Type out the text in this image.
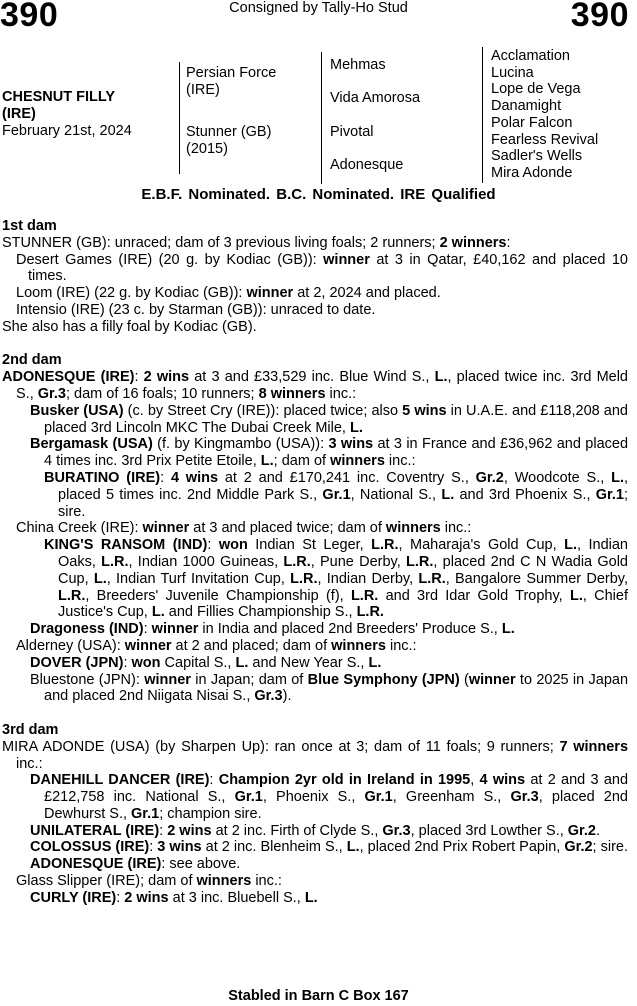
390	Consigned by Tally-Ho Stud	390
CHESNUT FILLY
(IRE)
February 21st, 2024
Persian Force
(IRE)
Stunner (GB)
(2015)
Mehmas
Vida Amorosa
Pivotal
Adonesque
Acclamation
Lucina
Lope de Vega
Danamight
Polar Falcon
Fearless Revival
Sadler's Wells
Mira Adonde
E.B.F. Nominated. B.C. Nominated. IRE Qualified
1st dam

STUNNER (GB): unraced; dam of 3 previous living foals; 2 runners; 2 winners:

Desert Games (IRE) (20 g. by Kodiac (GB)): winner at 3 in Qatar, £40,162 and placed 10 times.

Loom (IRE) (22 g. by Kodiac (GB)): winner at 2, 2024 and placed.

Intensio (IRE) (23 c. by Starman (GB)): unraced to date.

She also has a filly foal by Kodiac (GB).

2nd dam

ADONESQUE (IRE): 2 wins at 3 and £33,529 inc. Blue Wind S., L., placed twice inc. 3rd Meld S., Gr.3; dam of 16 foals; 10 runners; 8 winners inc.:

Busker (USA) (c. by Street Cry (IRE)): placed twice; also 5 wins in U.A.E. and £118,208 and placed 3rd Lincoln MKC The Dubai Creek Mile, L.

Bergamask (USA) (f. by Kingmambo (USA)): 3 wins at 3 in France and £36,962 and placed 4 times inc. 3rd Prix Petite Etoile, L.; dam of winners inc.:

BURATINO (IRE): 4 wins at 2 and £170,241 inc. Coventry S., Gr.2, Woodcote S., L., placed 5 times inc. 2nd Middle Park S., Gr.1, National S., L. and 3rd Phoenix S., Gr.1; sire.

China Creek (IRE): winner at 3 and placed twice; dam of winners inc.:

KING'S RANSOM (IND): won Indian St Leger, L.R., Maharaja's Gold Cup, L., Indian Oaks, L.R., Indian 1000 Guineas, L.R., Pune Derby, L.R., placed 2nd C N Wadia Gold Cup, L., Indian Turf Invitation Cup, L.R., Indian Derby, L.R., Bangalore Summer Derby, L.R., Breeders' Juvenile Championship (f), L.R. and 3rd Idar Gold Trophy, L., Chief Justice's Cup, L. and Fillies Championship S., L.R.

Dragoness (IND): winner in India and placed 2nd Breeders' Produce S., L.

Alderney (USA): winner at 2 and placed; dam of winners inc.:

DOVER (JPN): won Capital S., L. and New Year S., L.

Bluestone (JPN): winner in Japan; dam of Blue Symphony (JPN) (winner to 2025 in Japan and placed 2nd Niigata Nisai S., Gr.3).

3rd dam

MIRA ADONDE (USA) (by Sharpen Up): ran once at 3; dam of 11 foals; 9 runners; 7 winners inc.:

DANEHILL DANCER (IRE): Champion 2yr old in Ireland in 1995, 4 wins at 2 and 3 and £212,758 inc. National S., Gr.1, Phoenix S., Gr.1, Greenham S., Gr.3, placed 2nd Dewhurst S., Gr.1; champion sire.

UNILATERAL (IRE): 2 wins at 2 inc. Firth of Clyde S., Gr.3, placed 3rd Lowther S., Gr.2.

COLOSSUS (IRE): 3 wins at 2 inc. Blenheim S., L., placed 2nd Prix Robert Papin, Gr.2; sire.

ADONESQUE (IRE): see above.

Glass Slipper (IRE); dam of winners inc.:

CURLY (IRE): 2 wins at 3 inc. Bluebell S., L.

Stabled in Barn C Box 167
